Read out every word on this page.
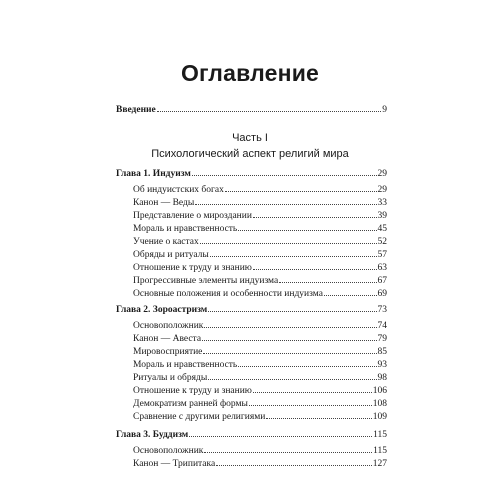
Оглавление
Введение	9
Часть I
Психологический аспект религий мира
Глава 1. Индуизм	29
Об индуистских богах	29
Канон — Веды	33
Представление о мироздании	39
Мораль и нравственность	45
Учение о кастах	52
Обряды и ритуалы	57
Отношение к труду и знанию	63
Прогрессивные элементы индуизма	67
Основные положения и особенности индуизма	69
Глава 2. Зороастризм	73
Основоположник	74
Канон — Авеста	79
Мировосприятие	85
Мораль и нравственность	93
Ритуалы и обряды	98
Отношение к труду и знанию	106
Демократизм ранней формы	108
Сравнение с другими религиями	109
Глава 3. Буддизм	115
Основоположник	115
Канон — Трипитака	127
